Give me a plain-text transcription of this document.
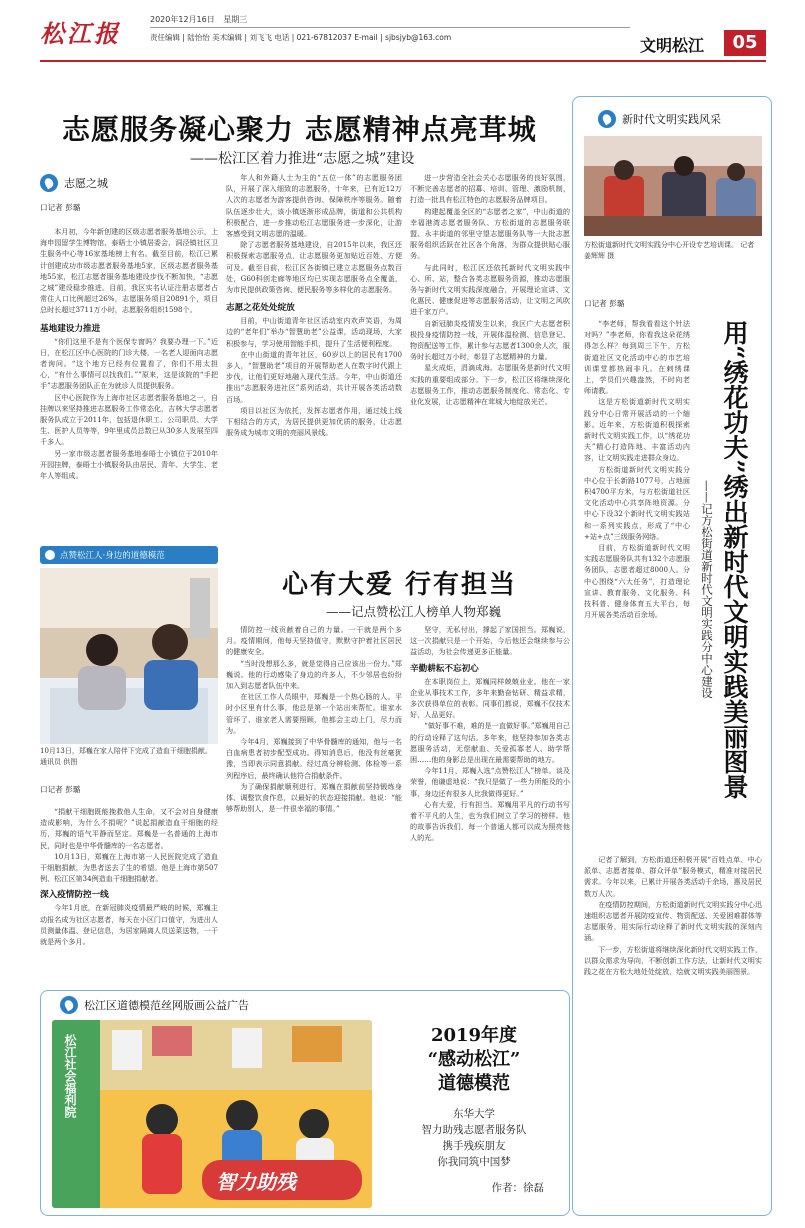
松江报	2020年12月16日 星期三
责任编辑 | 陆怡怡 美术编辑 | 刘飞飞 电话 | 021-67812037 E-mail | sjbsjyb@163.com	文明松江	05
志愿服务凝心聚力 志愿精神点亮茸城
——松江区着力推进“志愿之城”建设
志愿之城
口记者 彭璐

本月初，今年新创建的区级志愿者服务基地公示，上海申园留学生博物馆、泰晤士小镇居委会、洞泾镇社区卫生服务中心等16家基地榜上有名。截至目前，松江已累计创建成功市级志愿者服务基地5家，区级志愿者服务基地55家，松江志愿者服务基地建设步伐不断加快，“志愿之城”建设稳步推进。目前，我区实名认证注册志愿者占常住人口比例超过26%，志愿服务项目20891个，项目总时长超过3711万小时，志愿服务组织1598个。

基地建设力推进

“你们这里不是有个医保专窗吗？我要办理一下。”近日，在松江区中心医院的门诊大楼，一名老人迎面向志愿者询问。“这个地方已经有位置看了，你们不用太担心，“有什么事情可以找我们。””原来，这是该院的“手把手”志愿服务团队正在为就诊人员提供服务。

区中心医院作为上海市社区志愿者服务基地之一，自挂牌以来坚持推进志愿服务工作常态化，吉林大学志愿者服务队成立于2011年，包括退休职工、公司职员、大学生、医护人员等等，9年里成员总数已从30多人发展至四千多人。

另一家市级志愿者服务基地泰晤士小镇位于2010年开园挂牌，泰晤士小镇服务队由居民、青年、大学生、老年人等组成。

年人和外籍人士为主的“五位一体”的志愿服务团队，开展了深入细致的志愿服务，十年来，已有近12万人次的志愿者为游客提供咨询、保障秩序等服务。随着队伍逐步壮大，该小镇逐渐形成品牌，街道和公共机构积极配合，进一步推动松江志愿服务进一步深化，让游客感受到文明志愿的温暖。

除了志愿者服务基地建设，自2015年以来，我区还积极探索志愿服务点，让志愿服务更加贴近百姓、方便可及。截至目前，松江区各街镇已建立志愿服务点数百处，G60科创走廊等地区均已实现志愿服务点全覆盖，为市民提供政策咨询、便民服务等多样化的志愿服务。

志愿之花处处绽放

目前，中山街道青年社区活动室内欢声笑语，为周边的“老年们”举办“智慧助老”公益课，活动现场，大家积极参与，学习使用智能手机，提升了生活便利程度。

在中山街道的青年社区，60岁以上的居民有1700多人，“智慧助老”项目的开展帮助老人在数字时代跟上步伐，让他们更好地融入现代生活。今年，中山街道还推出“志愿服务进社区”系列活动，共计开展各类活动数百场。

项目以社区为依托，发挥志愿者作用，通过线上线下相结合的方式，为居民提供更加优质的服务，让志愿服务成为城市文明的亮丽风景线。

进一步营造全社会关心志愿服务的良好氛围，不断完善志愿者的招募、培训、管理、激励机制，打造一批具有松江特色的志愿服务品牌项目。

构建起覆盖全区的“志愿者之家”，中山街道的幸福港湾志愿者服务队、方松街道的志愿服务联盟、永丰街道的邻里守望志愿服务队等一大批志愿服务组织活跃在社区各个角落，为群众提供贴心服务。

与此同时，松江区还依托新时代文明实践中心、所、站，整合各类志愿服务资源，推动志愿服务与新时代文明实践深度融合，开展理论宣讲、文化惠民、健康促进等志愿服务活动，让文明之风吹进千家万户。

自新冠肺炎疫情发生以来，我区广大志愿者积极投身疫情防控一线，开展体温检测、信息登记、物资配送等工作，累计参与志愿者1300余人次，服务时长超过万小时，彰显了志愿精神的力量。

星火成炬，涓滴成海。志愿服务是新时代文明实践的重要组成部分。下一步，松江区将继续深化志愿服务工作，推动志愿服务制度化、常态化、专业化发展，让志愿精神在茸城大地绽放光芒。

新时代文明实践风采
方松街道新时代文明实践分中心开设专艺培训课。 记者 姜辉辉 摄
口记者 彭璐
用“绣花功夫”绣出新时代文明实践美丽图景
——记方松街道新时代文明实践分中心建设

“李老师，帮我看看这个针法对吗？”李老师，你看我这朵花绣得怎么样？每到周三下午，方松街道社区文化活动中心的市艺培训课堂都热闹非凡。在刺绣课上，学员们兴趣盎然，不时向老师请教。

这是方松街道新时代文明实践分中心日常开展活动的一个缩影。近年来，方松街道积极探索新时代文明实践工作，以“绣花功夫”精心打造阵地、丰富活动内容，让文明实践走进群众身边。

方松街道新时代文明实践分中心位于长新路1077号，占地面积4700平方米，与方松街道社区文化活动中心共享阵地资源。分中心下设32个新时代文明实践站和一系列实践点，形成了“中心+站+点”三级服务网络。

目前，方松街道新时代文明实践志愿服务队共有132个志愿服务团队，志愿者超过8000人。分中心围绕“六大任务”，打造理论宣讲、教育服务、文化服务、科技科普、健身体育五大平台，每月开展各类活动百余场。

记者了解到，方松街道还积极开展“百姓点单、中心派单、志愿者接单、群众评单”服务模式，精准对接居民需求。今年以来，已累计开展各类活动千余场，惠及居民数万人次。

在疫情防控期间，方松街道新时代文明实践分中心迅速组织志愿者开展防疫宣传、物资配送、关爱困难群体等志愿服务，用实际行动诠释了新时代文明实践的深刻内涵。

下一步，方松街道将继续深化新时代文明实践工作，以群众需求为导向，不断创新工作方法，让新时代文明实践之花在方松大地处处绽放，绘就文明实践美丽图景。

点赞松江人·身边的道德模范
10月13日，郑巍在家人陪伴下完成了造血干细胞捐献。 通讯员 供图
口记者 彭璐
心有大爱 行有担当
——记点赞松江人榜单人物郑巍

“捐献干细胞既能挽救他人生命，又不会对自身健康造成影响，为什么不捐呢？”说起捐献造血干细胞的经历，郑巍的语气平静而坚定。郑巍是一名普通的上海市民，同时也是中华骨髓库的一名志愿者。

10月13日，郑巍在上海市第一人民医院完成了造血干细胞捐献，为患者送去了生的希望。他是上海市第507例、松江区第34例造血干细胞捐献者。

深入疫情防控一线

今年1月底，在新冠肺炎疫情最严峻的时候，郑巍主动报名成为社区志愿者，每天在小区门口值守，为进出人员测量体温、登记信息，为居家隔离人员送菜送物，一干就是两个多月。

情防控一线贡献着自己的力量。一干就是两个多月。疫情期间，他每天坚持值守，默默守护着社区居民的健康安全。

“当时没想那么多，就是觉得自己应该出一份力。”郑巍说。他的行动感染了身边的许多人，不少邻居也纷纷加入到志愿者队伍中来。

在社区工作人员眼中，郑巍是一个热心肠的人。平时小区里有什么事，他总是第一个站出来帮忙。谁家水管坏了、谁家老人需要照顾，他都会主动上门，尽力而为。

今年4月，郑巍接到了中华骨髓库的通知，他与一名白血病患者初步配型成功。得知消息后，他没有丝毫犹豫，当即表示同意捐献。经过高分辨检测、体检等一系列程序后，最终确认他符合捐献条件。

为了确保捐献顺利进行，郑巍在捐献前坚持锻炼身体、调整饮食作息，以最好的状态迎接捐献。他说：“能够帮助别人，是一件很幸福的事情。”

坚守，无私付出，撑起了家国担当。郑巍说，这一次捐献只是一个开始，今后他还会继续参与公益活动，为社会传递更多正能量。

辛勤耕耘不忘初心

在本职岗位上，郑巍同样兢兢业业。他在一家企业从事技术工作，多年来勤奋钻研、精益求精，多次获得单位的表彰。同事们都说，郑巍不仅技术好，人品更好。

“做好事不难，难的是一直做好事。”郑巍用自己的行动诠释了这句话。多年来，他坚持参加各类志愿服务活动，无偿献血、关爱孤寡老人、助学帮困……他的身影总是出现在最需要帮助的地方。

今年11月，郑巍入选“点赞松江人”榜单。谈及荣誉，他谦虚地说：“我只是做了一些力所能及的小事，身边还有很多人比我做得更好。”

心有大爱，行有担当。郑巍用平凡的行动书写着不平凡的人生，也为我们树立了学习的榜样。他的故事告诉我们，每一个普通人都可以成为照亮他人的光。

松江区道德模范丝网版画公益广告
松江社会福利院
智力助残
2019年度
“感动松江”
道德模范
东华大学
智力助残志愿者服务队
携手残疾朋友
你我同筑中国梦
作者：徐磊
